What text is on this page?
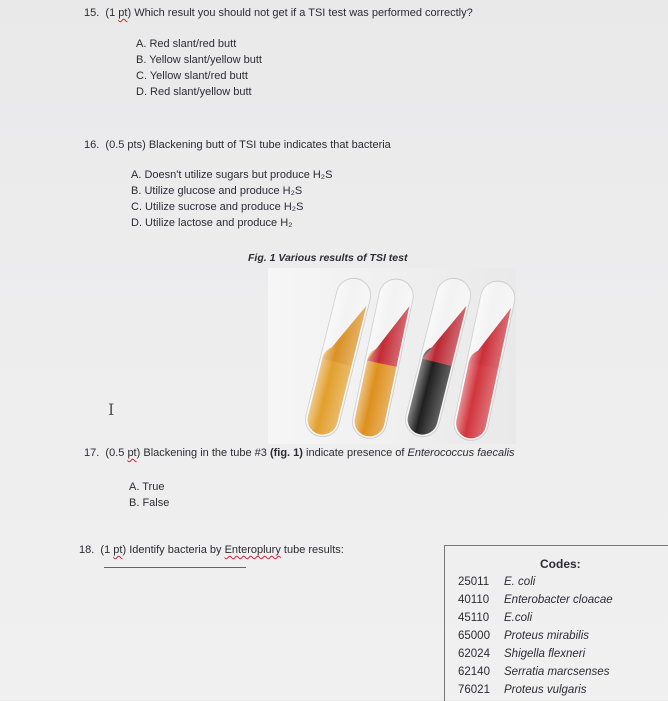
15. (1 pt) Which result you should not get if a TSI test was performed correctly?
A. Red slant/red butt
B. Yellow slant/yellow butt
C. Yellow slant/red butt
D. Red slant/yellow butt
16. (0.5 pts) Blackening butt of TSI tube indicates that bacteria
A. Doesn't utilize sugars but produce H₂S
B. Utilize glucose and produce H₂S
C. Utilize sucrose and produce H₂S
D. Utilize lactose and produce H₂
Fig. 1 Various results of TSI test
I
17. (0.5 pt) Blackening in the tube #3 (fig. 1) indicate presence of Enterococcus faecalis
A. True
B. False
18. (1 pt) Identify bacteria by Enteroplury tube results:
Codes:
25011 E. coli
40110 Enterobacter cloacae
45110 E.coli
65000 Proteus mirabilis
62024 Shigella flexneri
62140 Serratia marcsenses
76021 Proteus vulgaris
